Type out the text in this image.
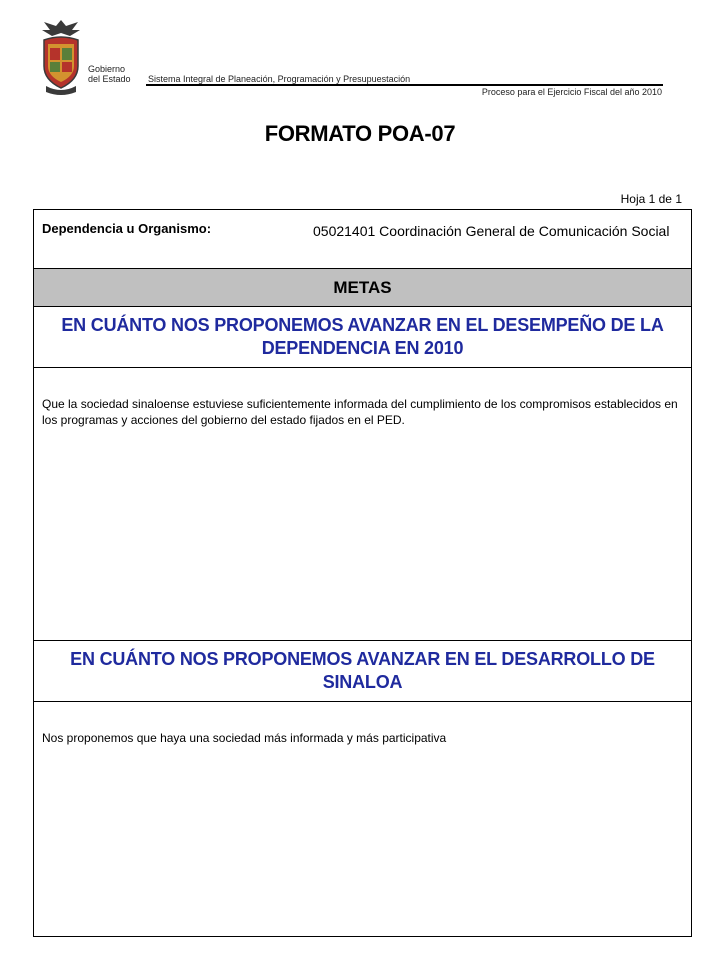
Gobierno
del Estado Sistema Integral de Planeación, Programación y Presupuestación
Proceso para el Ejercicio Fiscal del año 2010
FORMATO POA-07
Hoja 1 de 1
Dependencia u Organismo:	05021401 Coordinación General de Comunicación Social
METAS
EN CUÁNTO NOS PROPONEMOS AVANZAR EN EL DESEMPEÑO DE LA DEPENDENCIA EN 2010
Que la sociedad sinaloense estuviese suficientemente informada del cumplimiento de los compromisos establecidos en los programas y acciones del gobierno del estado fijados en el PED.
EN CUÁNTO NOS PROPONEMOS AVANZAR EN EL DESARROLLO DE SINALOA
Nos proponemos que haya una sociedad más informada y más participativa
